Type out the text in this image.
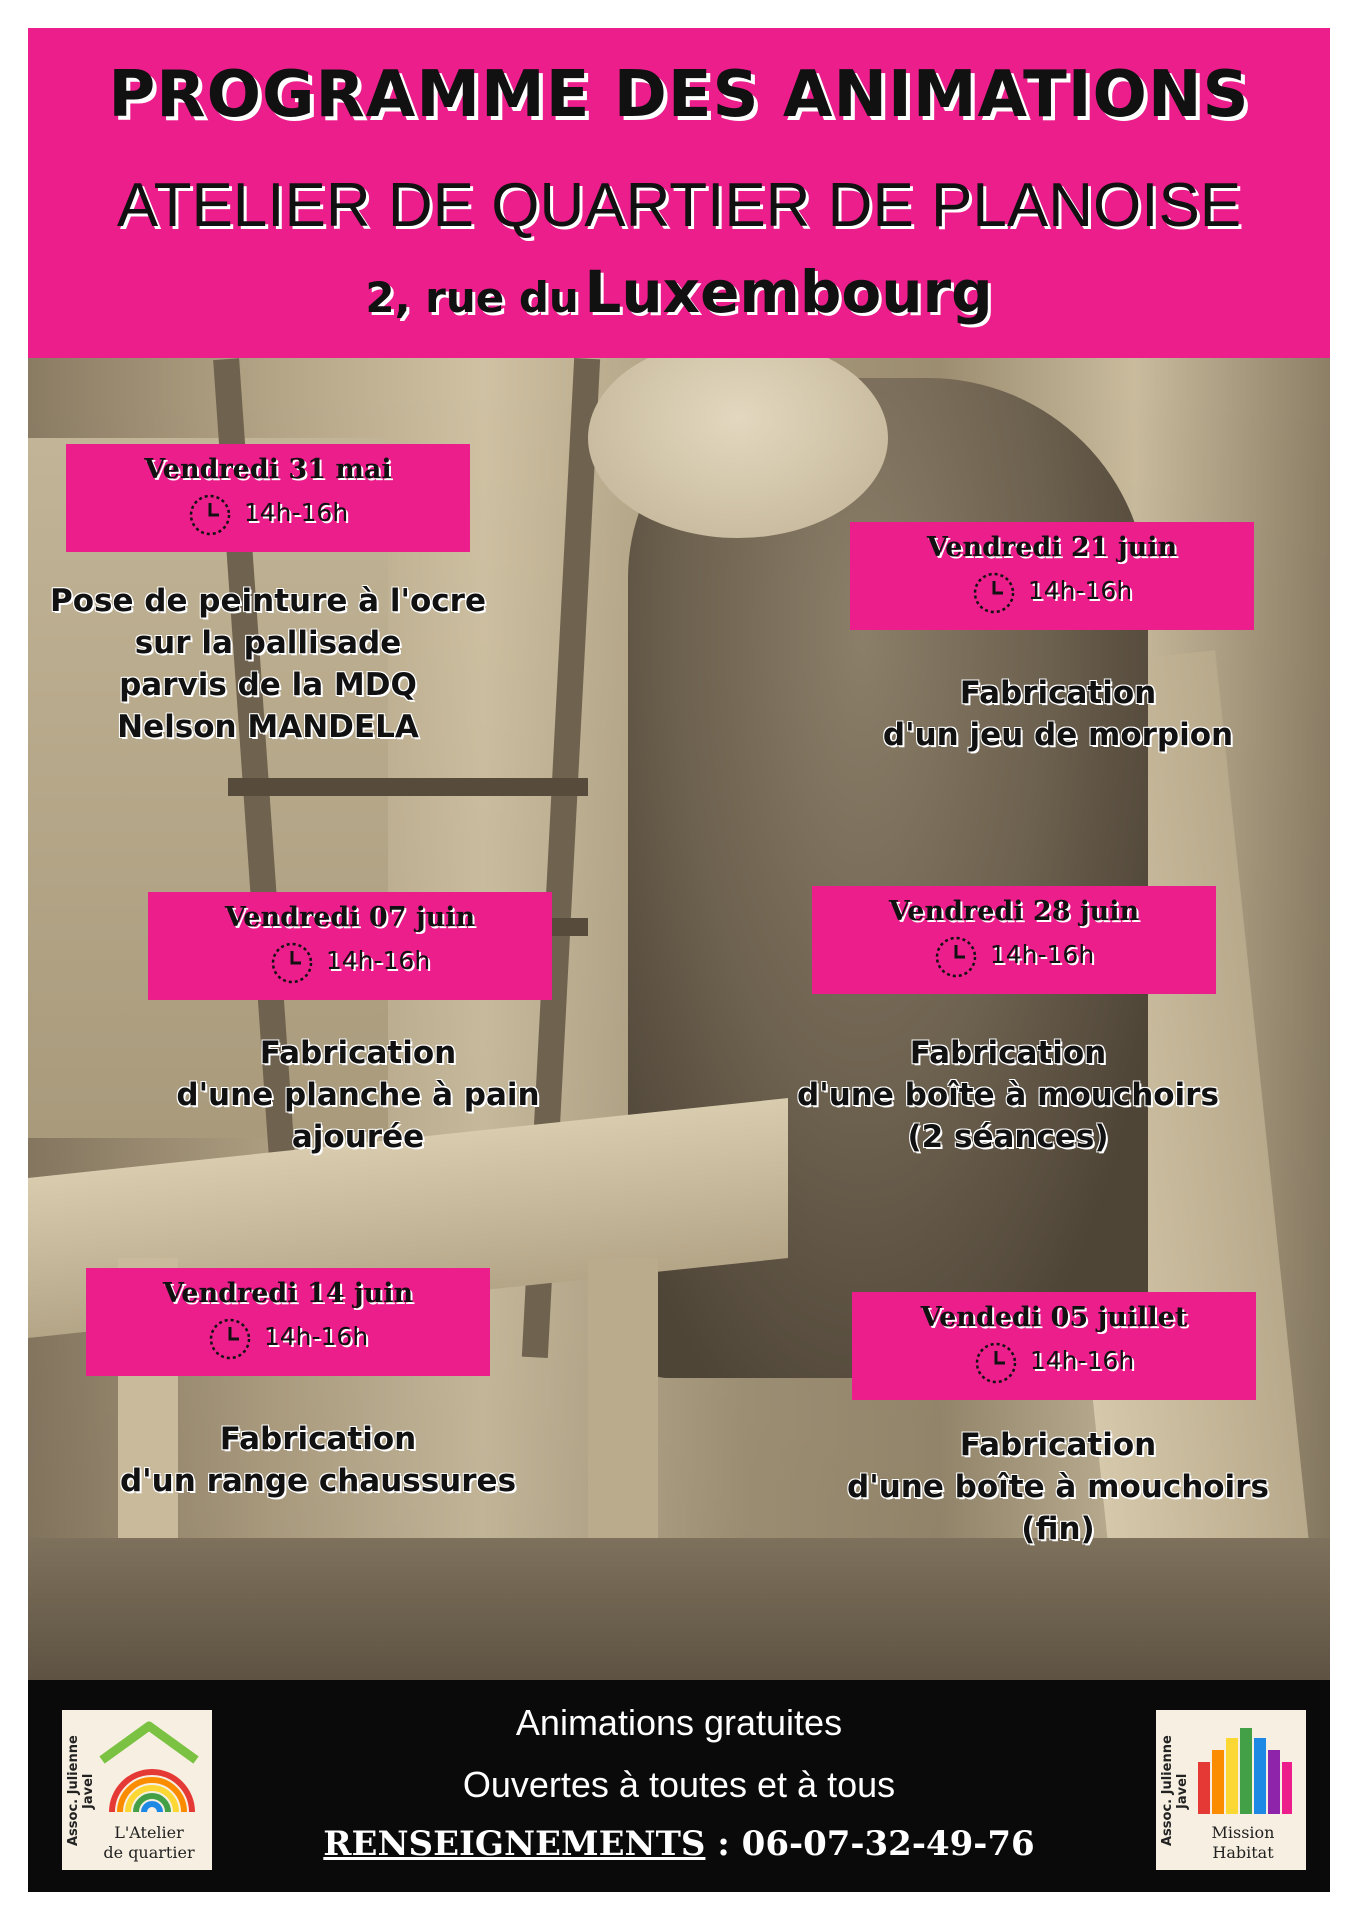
PROGRAMME DES ANIMATIONS
ATELIER DE QUARTIER DE PLANOISE
2, rue du Luxembourg
Vendredi 31 mai
14h-16h
Pose de peinture à l'ocre
sur la pallisade
parvis de la MDQ
Nelson MANDELA
Vendredi 21 juin
14h-16h
Fabrication
d'un jeu de morpion
Vendredi 07 juin
14h-16h
Fabrication
d'une planche à pain
ajourée
Vendredi 28 juin
14h-16h
Fabrication
d'une boîte à mouchoirs
(2 séances)
Vendredi 14 juin
14h-16h
Fabrication
d'un range chaussures
Vendedi 05 juillet
14h-16h
Fabrication
d'une boîte à mouchoirs
(fin)
Assoc. Julienne Javel
L'Atelier
de quartier
Animations gratuites
Ouvertes à toutes et à tous
RENSEIGNEMENTS : 06-07-32-49-76	Assoc. Julienne Javel
Mission
Habitat
